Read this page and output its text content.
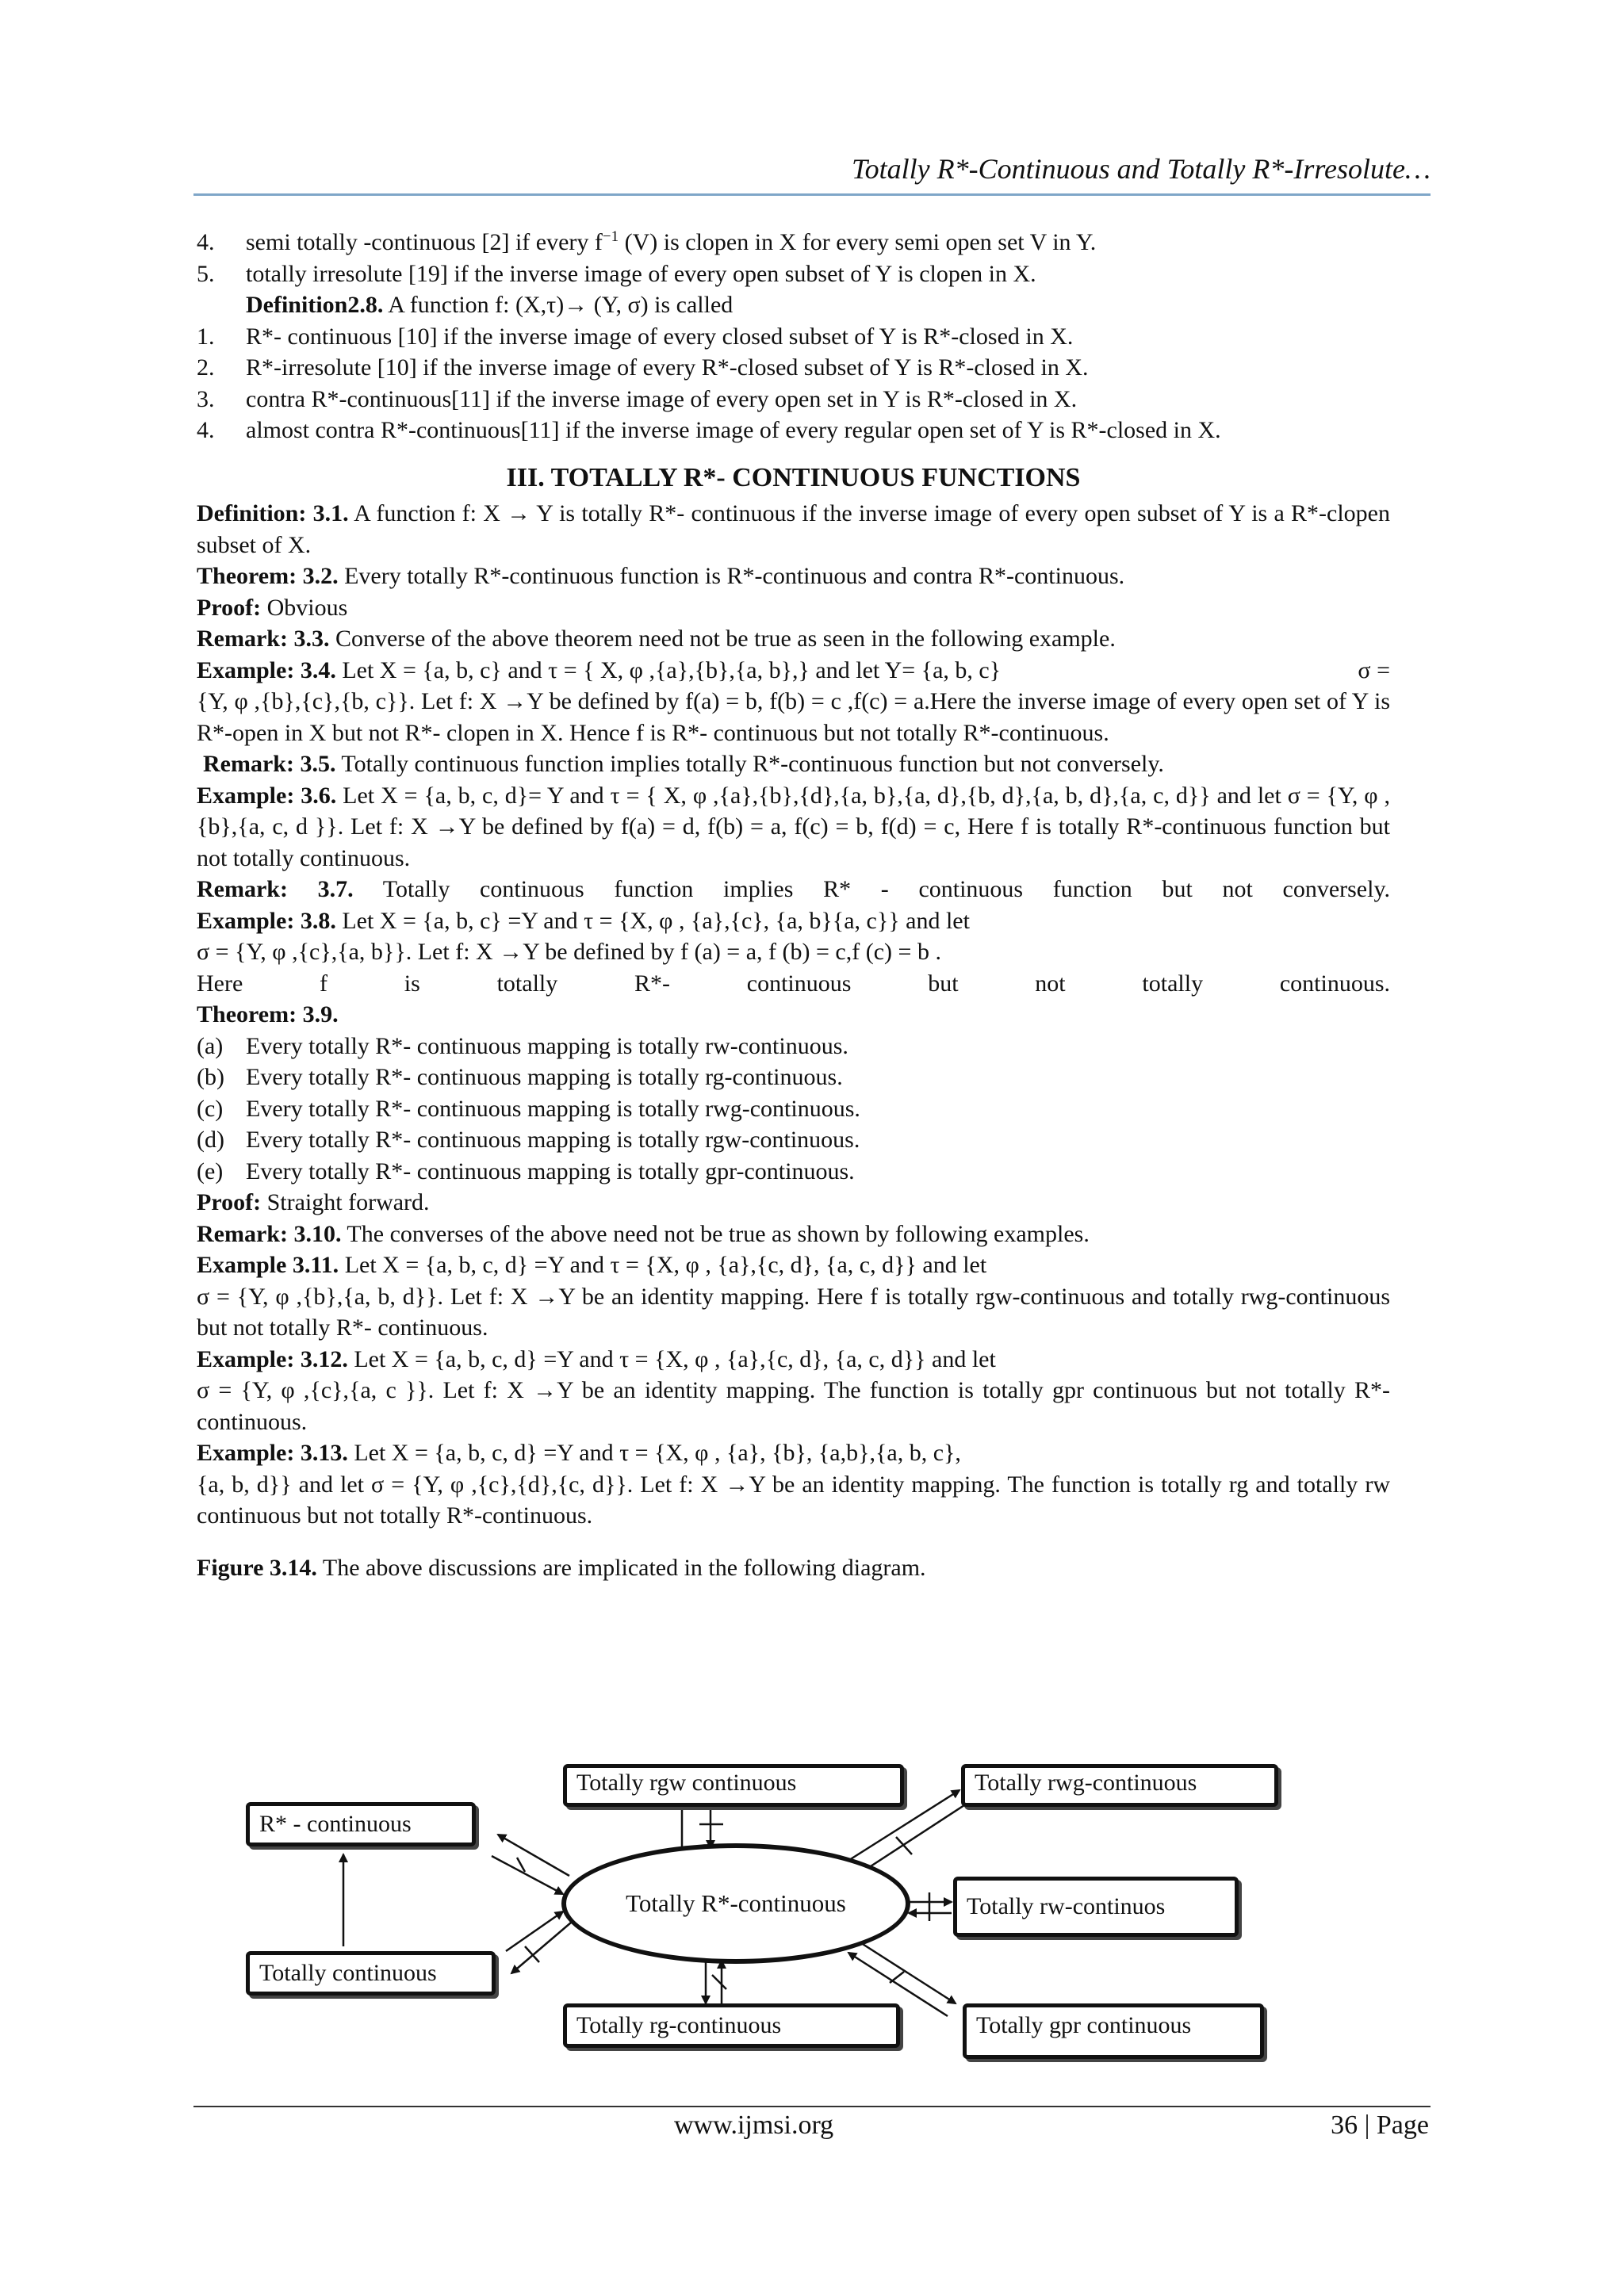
Totally R*-Continuous and Totally R*-Irresolute…
4.	semi totally -continuous [2] if every $f^{-1}$ (V) is clopen in X for every semi open set V in Y.
5.	totally irresolute [19] if the inverse image of every open subset of Y is clopen in X.
Definition2.8. A function f: (X,τ)→ (Y, σ) is called
1.	R*- continuous [10] if the inverse image of every closed subset of Y is R*-closed in X.
2.	R*-irresolute [10] if the inverse image of every R*-closed subset of Y is R*-closed in X.
3.	contra R*-continuous[11] if the inverse image of every open set in Y is R*-closed in X.
4.	almost contra R*-continuous[11] if the inverse image of every regular open set of Y is R*-closed in X.
III. TOTALLY R*- CONTINUOUS FUNCTIONS
Definition: 3.1. A function f: X → Y is totally R*- continuous if the inverse image of every open subset of Y is a R*-clopen subset of X.
Theorem: 3.2. Every totally R*-continuous function is R*-continuous and contra R*-continuous.
Proof: Obvious
Remark: 3.3. Converse of the above theorem need not be true as seen in the following example.
Example: 3.4. Let X = {a, b, c} and τ = { X, φ ,{a},{b},{a, b},} and let Y= {a, b, c}	σ =
{Y, φ ,{b},{c},{b, c}}. Let f: X →Y be defined by f(a) = b, f(b) = c ,f(c) = a.Here the inverse image of every open set of Y is R*-open in X but not R*- clopen in X. Hence f is R*- continuous but not totally R*-continuous.
Remark: 3.5. Totally continuous function implies totally R*-continuous function but not conversely.
Example: 3.6. Let X = {a, b, c, d}= Y and τ = { X, φ ,{a},{b},{d},{a, b},{a, d},{b, d},{a, b, d},{a, c, d}} and let σ = {Y, φ ,{b},{a, c, d }}. Let f: X →Y be defined by f(a) = d, f(b) = a, f(c) = b, f(d) = c, Here f is totally R*-continuous function but not totally continuous.
Remark: 3.7. Totally continuous function implies R* - continuous function but not conversely.
Example: 3.8. Let X = {a, b, c} =Y and τ = {X, φ , {a},{c}, {a, b}{a, c}} and let
σ = {Y, φ ,{c},{a, b}}. Let f: X →Y be defined by f (a) = a, f (b) = c,f (c) = b .
Here f is totally R*- continuous but not totally continuous.
Theorem: 3.9.
(a) Every totally R*- continuous mapping is totally rw-continuous.
(b) Every totally R*- continuous mapping is totally rg-continuous.
(c) Every totally R*- continuous mapping is totally rwg-continuous.
(d) Every totally R*- continuous mapping is totally rgw-continuous.
(e) Every totally R*- continuous mapping is totally gpr-continuous.
Proof: Straight forward.
Remark: 3.10. The converses of the above need not be true as shown by following examples.
Example 3.11. Let X = {a, b, c, d} =Y and τ = {X, φ , {a},{c, d}, {a, c, d}} and let
σ = {Y, φ ,{b},{a, b, d}}. Let f: X →Y be an identity mapping. Here f is totally rgw-continuous and totally rwg-continuous but not totally R*- continuous.
Example: 3.12. Let X = {a, b, c, d} =Y and τ = {X, φ , {a},{c, d}, {a, c, d}} and let
σ = {Y, φ ,{c},{a, c }}. Let f: X →Y be an identity mapping. The function is totally gpr continuous but not totally R*-continuous.
Example: 3.13. Let X = {a, b, c, d} =Y and τ = {X, φ , {a}, {b}, {a,b},{a, b, c},
{a, b, d}} and let σ = {Y, φ ,{c},{d},{c, d}}. Let f: X →Y be an identity mapping. The function is totally rg and totally rw continuous but not totally R*-continuous.
Figure 3.14. The above discussions are implicated in the following diagram.
Totally R*-continuous
R* - continuous
Totally continuous
Totally rgw continuous	Totally rwg-continuous
Totally rw-continuos
Totally rg-continuous	Totally gpr continuous
www.ijmsi.org	36 | Page
